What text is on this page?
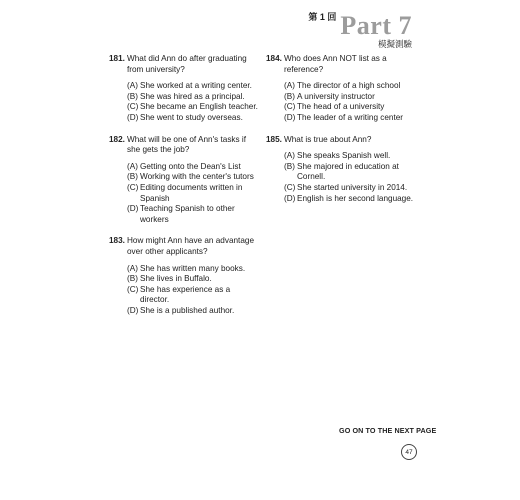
第 1 回 Part 7
模擬測驗
181. What did Ann do after graduating from university?
(A) She worked at a writing center.
(B) She was hired as a principal.
(C) She became an English teacher.
(D) She went to study overseas.
182. What will be one of Ann's tasks if she gets the job?
(A) Getting onto the Dean's List
(B) Working with the center's tutors
(C) Editing documents written in Spanish
(D) Teaching Spanish to other workers
183. How might Ann have an advantage over other applicants?
(A) She has written many books.
(B) She lives in Buffalo.
(C) She has experience as a director.
(D) She is a published author.
184. Who does Ann NOT list as a reference?
(A) The director of a high school
(B) A university instructor
(C) The head of a university
(D) The leader of a writing center
185. What is true about Ann?
(A) She speaks Spanish well.
(B) She majored in education at Cornell.
(C) She started university in 2014.
(D) English is her second language.
GO ON TO THE NEXT PAGE
47
